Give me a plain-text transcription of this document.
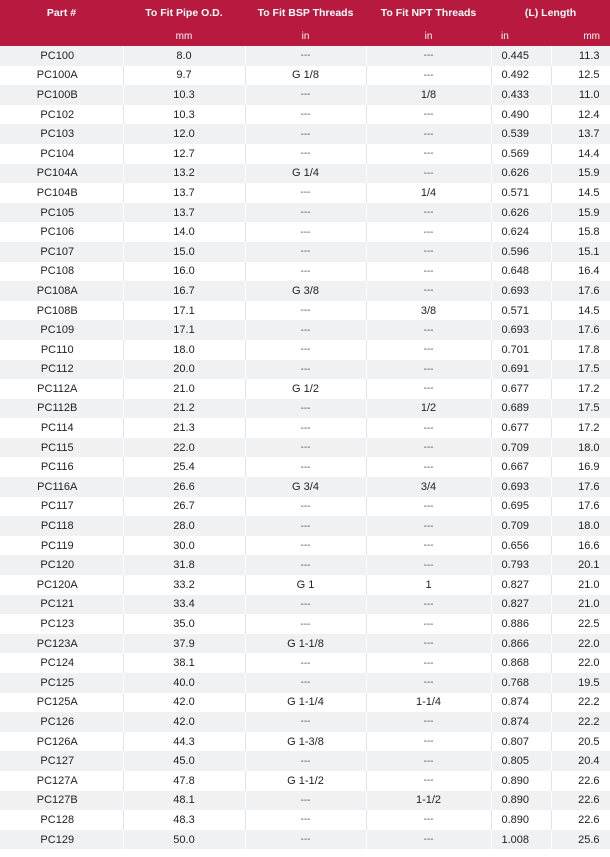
Part #	To Fit Pipe O.D.	To Fit BSP Threads	To Fit NPT Threads	(L) Length	
	mm	in	in	in	mm
PC100	8.0	---	---	0.445	11.3
PC100A	9.7	G 1/8	---	0.492	12.5
PC100B	10.3	---	1/8	0.433	11.0
PC102	10.3	---	---	0.490	12.4
PC103	12.0	---	---	0.539	13.7
PC104	12.7	---	---	0.569	14.4
PC104A	13.2	G 1/4	---	0.626	15.9
PC104B	13.7	---	1/4	0.571	14.5
PC105	13.7	---	---	0.626	15.9
PC106	14.0	---	---	0.624	15.8
PC107	15.0	---	---	0.596	15.1
PC108	16.0	---	---	0.648	16.4
PC108A	16.7	G 3/8	---	0.693	17.6
PC108B	17.1	---	3/8	0.571	14.5
PC109	17.1	---	---	0.693	17.6
PC110	18.0	---	---	0.701	17.8
PC112	20.0	---	---	0.691	17.5
PC112A	21.0	G 1/2	---	0.677	17.2
PC112B	21.2	---	1/2	0.689	17.5
PC114	21.3	---	---	0.677	17.2
PC115	22.0	---	---	0.709	18.0
PC116	25.4	---	---	0.667	16.9
PC116A	26.6	G 3/4	3/4	0.693	17.6
PC117	26.7	---	---	0.695	17.6
PC118	28.0	---	---	0.709	18.0
PC119	30.0	---	---	0.656	16.6
PC120	31.8	---	---	0.793	20.1
PC120A	33.2	G 1	1	0.827	21.0
PC121	33.4	---	---	0.827	21.0
PC123	35.0	---	---	0.886	22.5
PC123A	37.9	G 1-1/8	---	0.866	22.0
PC124	38.1	---	---	0.868	22.0
PC125	40.0	---	---	0.768	19.5
PC125A	42.0	G 1-1/4	1-1/4	0.874	22.2
PC126	42.0	---	---	0.874	22.2
PC126A	44.3	G 1-3/8	---	0.807	20.5
PC127	45.0	---	---	0.805	20.4
PC127A	47.8	G 1-1/2	---	0.890	22.6
PC127B	48.1	---	1-1/2	0.890	22.6
PC128	48.3	---	---	0.890	22.6
PC129	50.0	---	---	1.008	25.6
